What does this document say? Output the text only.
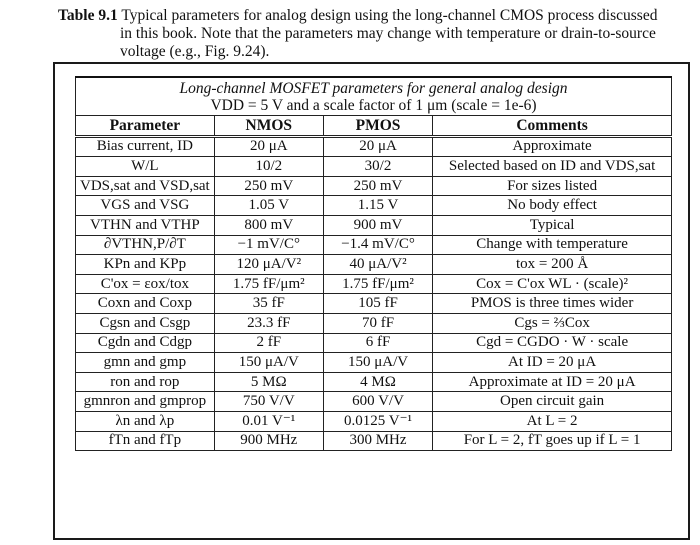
Table 9.1 Typical parameters for analog design using the long-channel CMOS process discussed
in this book. Note that the parameters may change with temperature or drain-to-source
voltage (e.g., Fig. 9.24).
Long-channel MOSFET parameters for general analog design
VDD = 5 V and a scale factor of 1 μm (scale = 1e-6)			

Parameter	NMOS	PMOS	Comments
Bias current, ID	20 μA	20 μA	Approximate
W/L	10/2	30/2	Selected based on ID and VDS,sat
VDS,sat and VSD,sat	250 mV	250 mV	For sizes listed
VGS and VSG	1.05 V	1.15 V	No body effect
VTHN and VTHP	800 mV	900 mV	Typical
∂VTHN,P/∂T	−1 mV/C°	−1.4 mV/C°	Change with temperature
KPn and KPp	120 μA/V²	40 μA/V²	tox = 200 Å
C'ox = εox/tox	1.75 fF/μm²	1.75 fF/μm²	Cox = C'ox WL · (scale)²
Coxn and Coxp	35 fF	105 fF	PMOS is three times wider
Cgsn and Csgp	23.3 fF	70 fF	Cgs = ⅔Cox
Cgdn and Cdgp	2 fF	6 fF	Cgd = CGDO · W · scale
gmn and gmp	150 μA/V	150 μA/V	At ID = 20 μA
ron and rop	5 MΩ	4 MΩ	Approximate at ID = 20 μA
gmnron and gmprop	750 V/V	600 V/V	Open circuit gain
λn and λp	0.01 V⁻¹	0.0125 V⁻¹	At L = 2
fTn and fTp	900 MHz	300 MHz	For L = 2, fT goes up if L = 1
